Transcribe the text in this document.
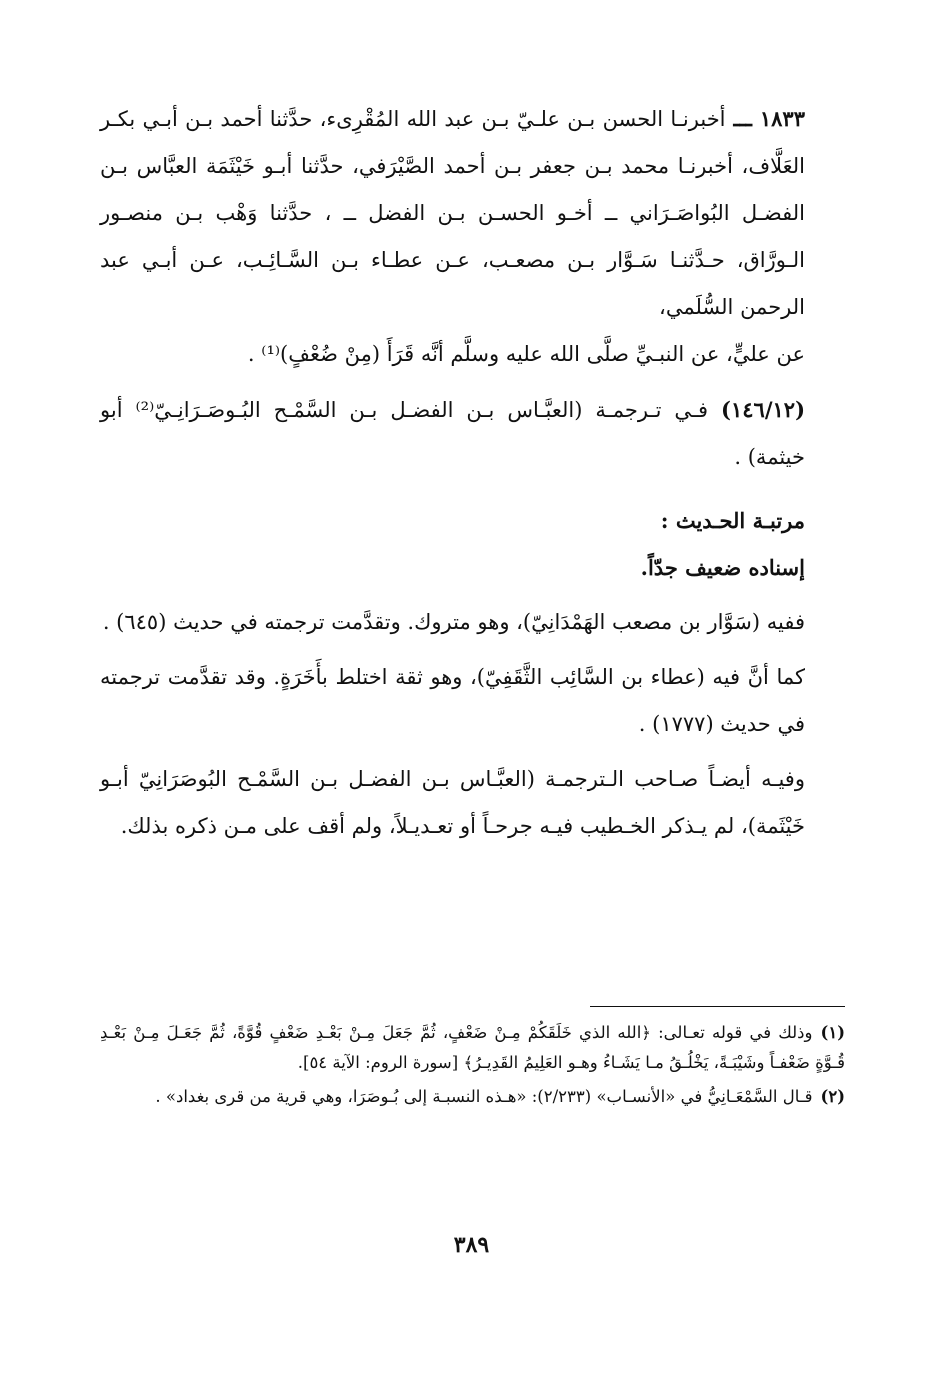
١٨٣٣ ـــ أخبرنـا الحسن بـن علـيّ بـن عبد الله المُقْرِىء، حدَّثنا أحمد بـن أبـي بكـر العَلَّاف، أخبرنـا محمد بـن جعفر بـن أحمد الصَّيْرَفي، حدَّثنا أبـو خَيْثَمَة العبَّاس بـن الفضـل البُواصَـرَاني ــ أخـو الحسـن بـن الفضل ــ ، حدَّثنا وَهْب بـن منصـور الـورَّاق، حـدَّثنـا سَـوَّار بـن مصعـب، عـن عطـاء بـن السَّـائِـب، عـن أبـي عبد الرحمن السُّلَمي،

عن عليٍّ، عن النبـيِّ صلَّى الله عليه وسلَّم أنَّه قَرَأَ (مِنْ ضُعْفٍ)⁽¹⁾ .

(١٤٦/١٢) فـي تـرجمـة (العبَّـاس بـن الفضـل بـن السَّمْـح البُـوصَـرَانِـيّ⁽²⁾ أبو خيثمة) .

مرتبـة الحـديث :

إسناده ضعيف جدّاً.

ففيه (سَوَّار بن مصعب الهَمْدَانِيّ)، وهو متروك. وتقدَّمت ترجمته في حديث (٦٤٥) .

كما أنَّ فيه (عطاء بن السَّائِب الثَّقَفِيّ)، وهو ثقة اختلط بأَخَرَةٍ. وقد تقدَّمت ترجمته في حديث (١٧٧٧) .

وفيـه أيضـاً صـاحب الـترجمـة (العبَّـاس بـن الفضـل بـن السَّمْـح البُوصَرَانِيّ أبـو خَيْثَمة)، لم يـذكر الخـطيب فيـه جرحـاً أو تعـديـلاً، ولم أقف على مـن ذكره بذلك.

(١)وذلك في قوله تعـالى: ﴿الله الذي خَلَقَكُمْ مِـنْ ضَعْفٍ، ثُمَّ جَعَلَ مِـنْ بَعْـدِ ضَعْفٍ قُوَّةً، ثُمَّ جَعَـلَ مِـنْ بَعْـدِ قُـوَّةٍ ضَعْفـاً وشَيْبَـةً، يَخْلُـقُ مـا يَشَـاءُ وهـو العَلِيمُ القَدِيـرُ﴾ [سورة الروم: الآية ٥٤].

(٢)قـال السَّمْعَـانِيُّ في «الأنسـاب» (٢/٢٣٣): «هـذه النسبـة إلى بُـوصَرَا، وهي قرية من قرى بغداد» .

٣٨٩
